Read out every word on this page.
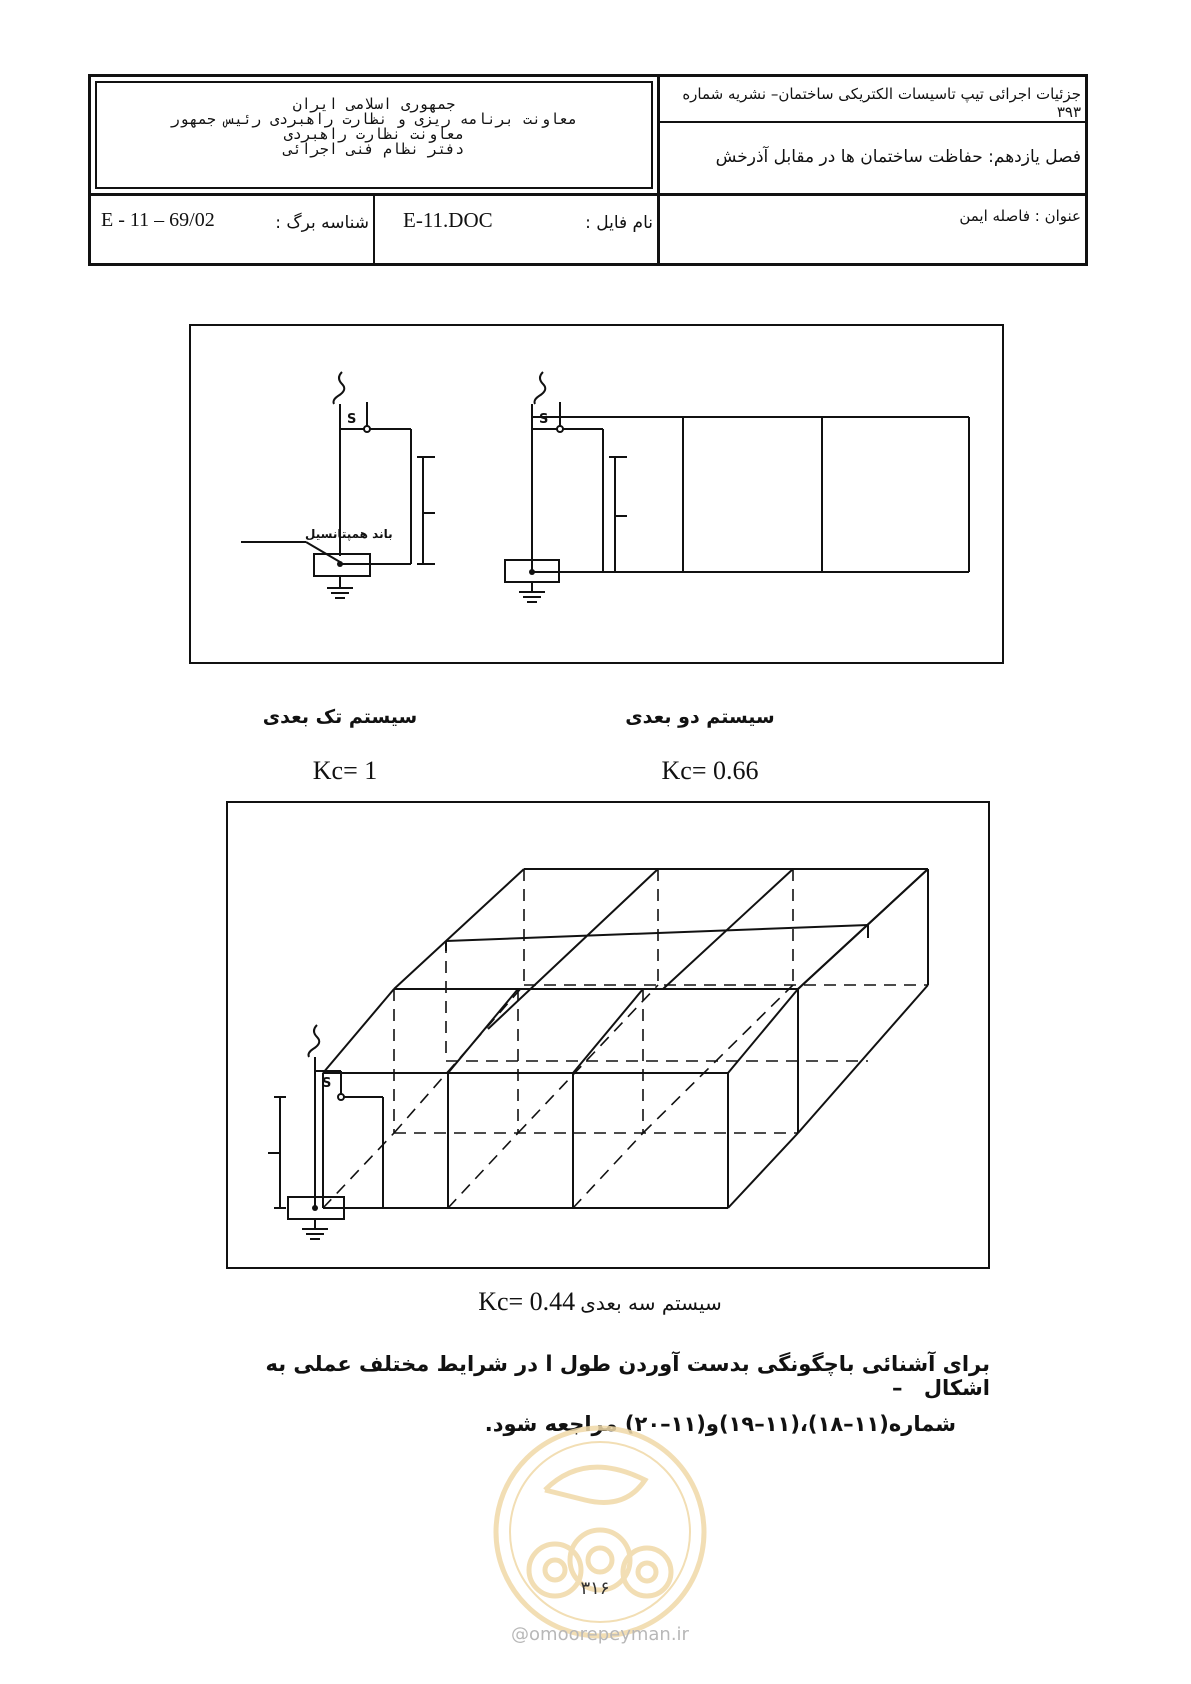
جزئیات اجرائی تیپ تاسیسات الکتریکی ساختمان– نشریه شماره ۳۹۳
فصل یازدهم: حفاظت ساختمان ها در مقابل آذرخش
عنوان : فاصله ایمن
جمهوری اسلامی ایران
معاونت برنامه ریزی و نظارت راهبردی رئیس جمهور
معاونت نظارت راهبردی
دفتر نظام فنی اجرائی
نام فایل :
E-11.DOC
شناسه برگ :
E - 11 – 69/02
S	S
باند همپتانسیل
سیستم تک بعدی	سیستم دو بعدی
Kc= 1	Kc= 0.66
S
Kc= 0.44 سیستم سه بعدی
برای آشنائی باچگونگی بدست آوردن طول l در شرایط مختلف عملی به اشکال –
شماره(۱۱–۱۸)،(۱۱–۱۹)و(۱۱–۲۰) مراجعه شود.
۳۱۶
@omoorepeyman.ir
